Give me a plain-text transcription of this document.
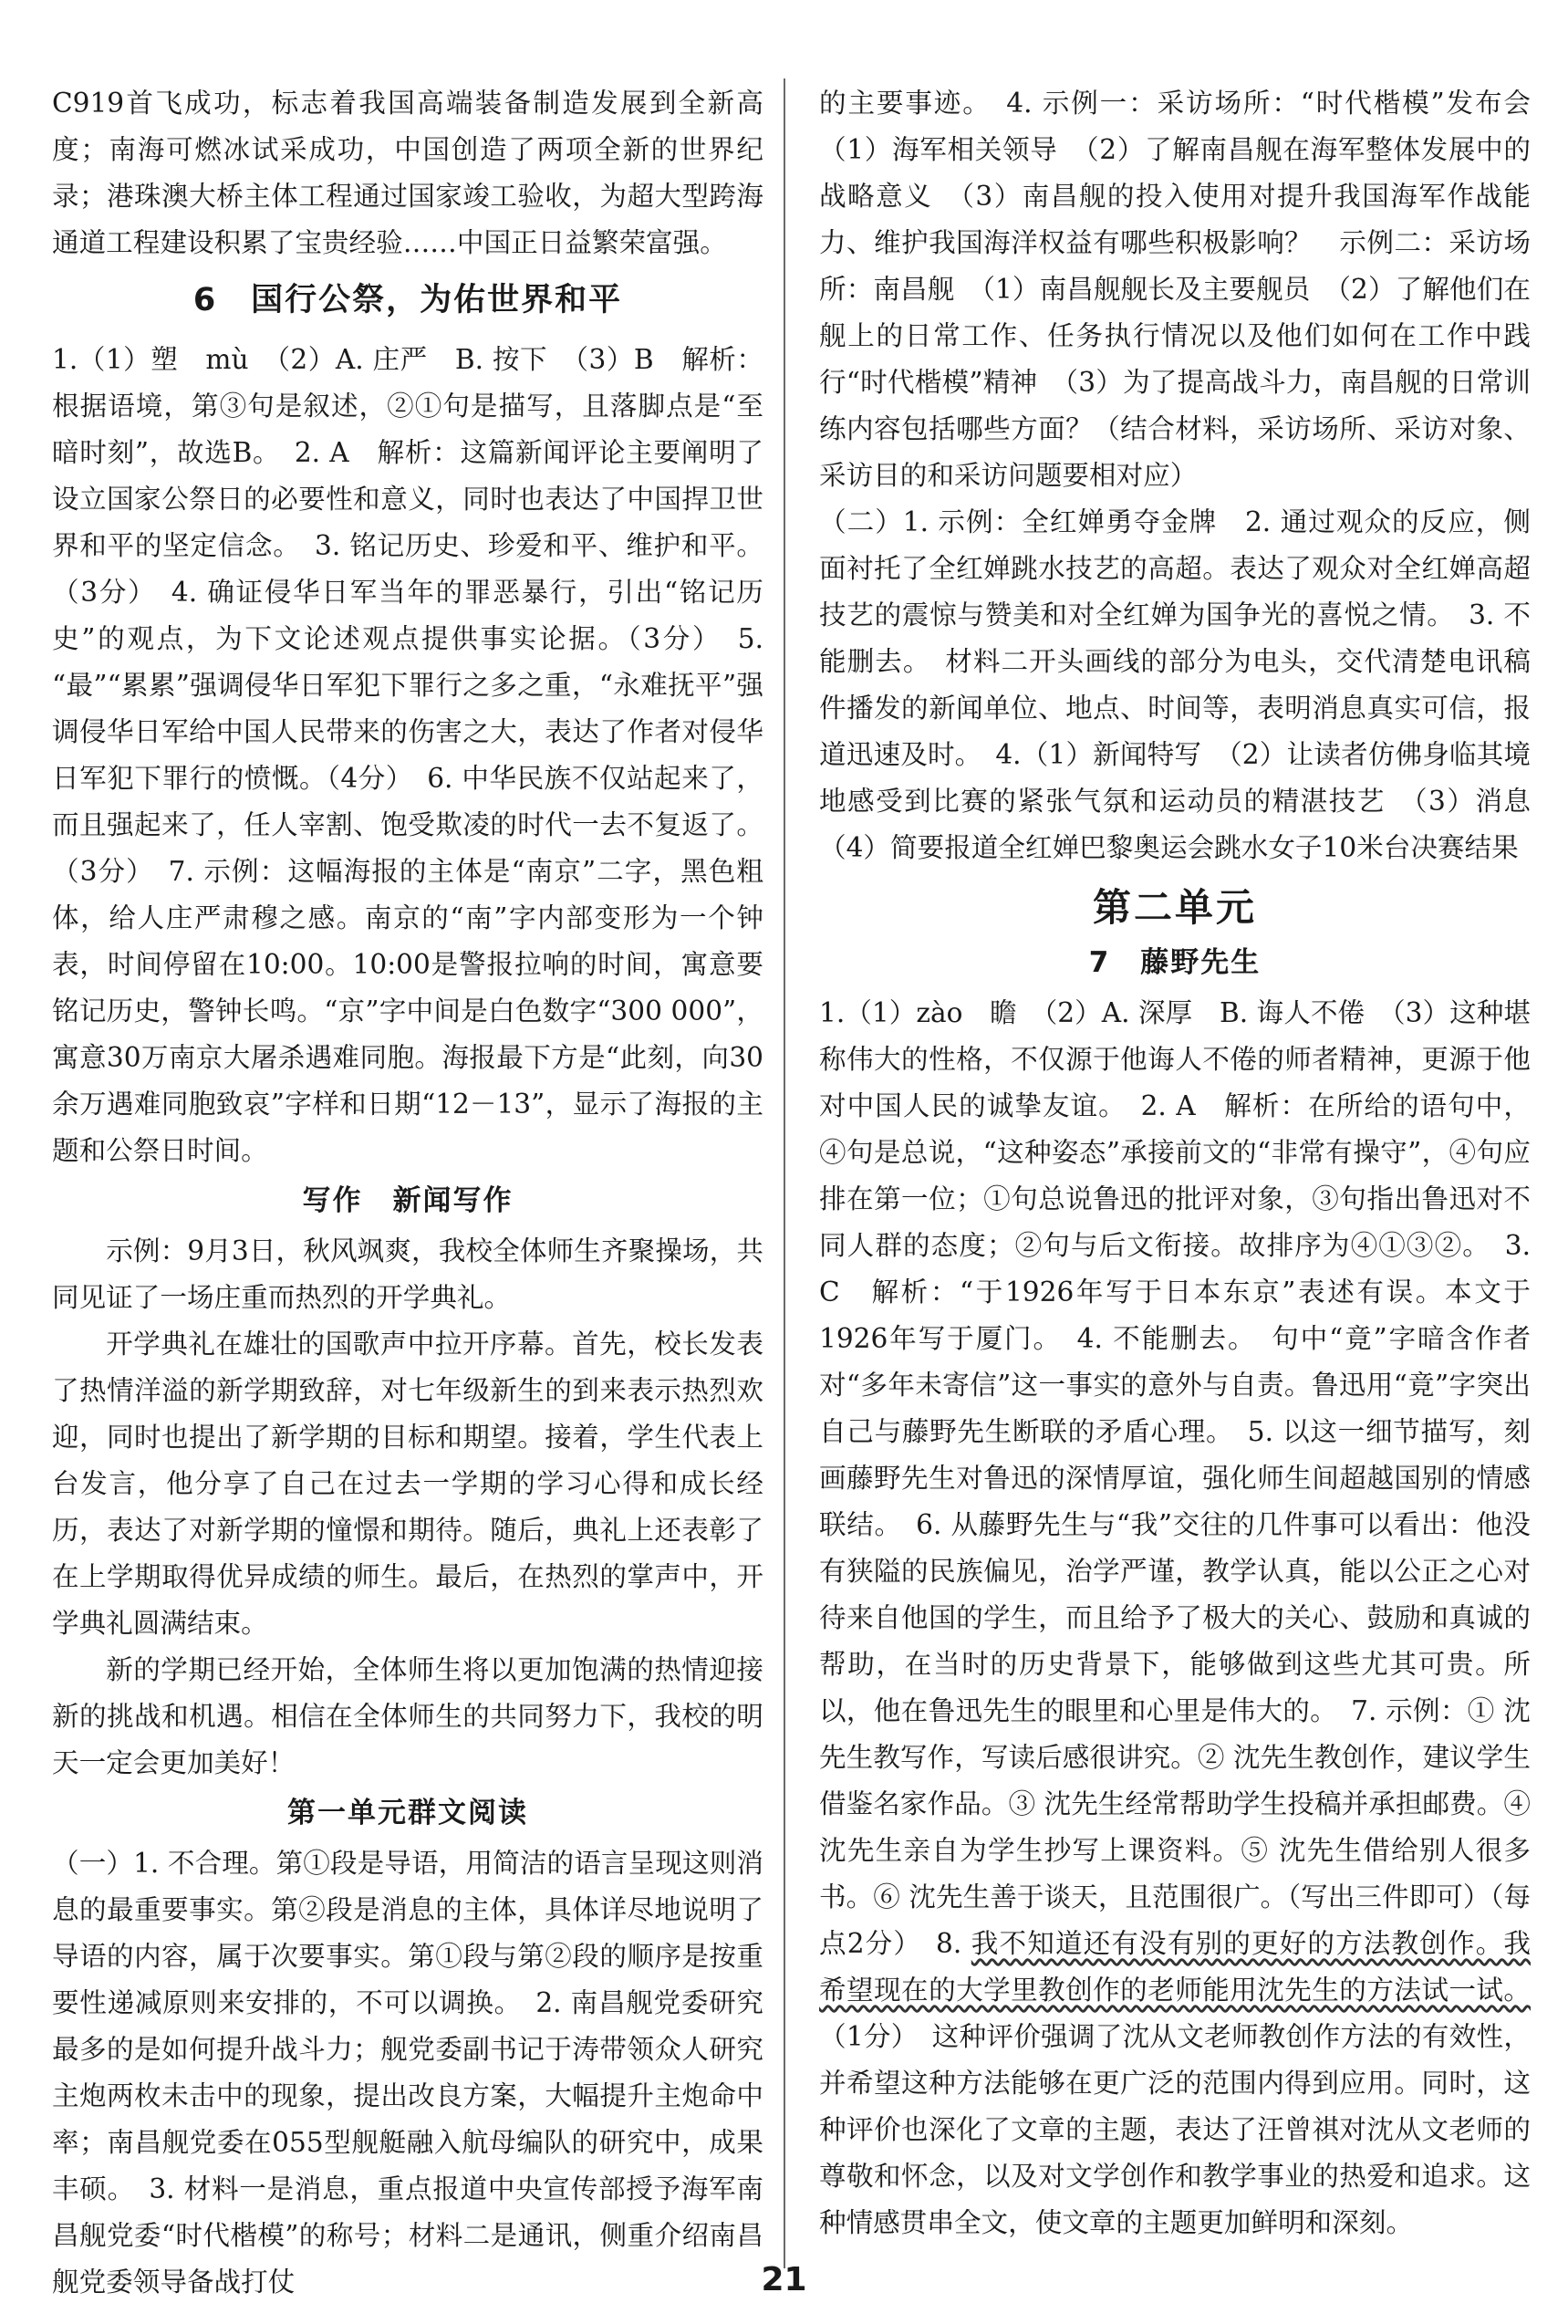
C919首飞成功，标志着我国高端装备制造发展到全新高度；南海可燃冰试采成功，中国创造了两项全新的世界纪录；港珠澳大桥主体工程通过国家竣工验收，为超大型跨海通道工程建设积累了宝贵经验……中国正日益繁荣富强。

6　国行公祭，为佑世界和平

1.（1）塑　mù　（2）A. 庄严　B. 按下　（3）B　解析：根据语境，第③句是叙述，②①句是描写，且落脚点是“至暗时刻”，故选B。　2. A　解析：这篇新闻评论主要阐明了设立国家公祭日的必要性和意义，同时也表达了中国捍卫世界和平的坚定信念。　3. 铭记历史、珍爱和平、维护和平。（3分）　4. 确证侵华日军当年的罪恶暴行，引出“铭记历史”的观点，为下文论述观点提供事实论据。（3分）　5. “最”“累累”强调侵华日军犯下罪行之多之重，“永难抚平”强调侵华日军给中国人民带来的伤害之大，表达了作者对侵华日军犯下罪行的愤慨。（4分）　6. 中华民族不仅站起来了，而且强起来了，任人宰割、饱受欺凌的时代一去不复返了。（3分）　7. 示例：这幅海报的主体是“南京”二字，黑色粗体，给人庄严肃穆之感。南京的“南”字内部变形为一个钟表，时间停留在10:00。10:00是警报拉响的时间，寓意要铭记历史，警钟长鸣。“京”字中间是白色数字“300 000”，寓意30万南京大屠杀遇难同胞。海报最下方是“此刻，向30余万遇难同胞致哀”字样和日期“12－13”，显示了海报的主题和公祭日时间。

写作　新闻写作

示例：9月3日，秋风飒爽，我校全体师生齐聚操场，共同见证了一场庄重而热烈的开学典礼。

开学典礼在雄壮的国歌声中拉开序幕。首先，校长发表了热情洋溢的新学期致辞，对七年级新生的到来表示热烈欢迎，同时也提出了新学期的目标和期望。接着，学生代表上台发言，他分享了自己在过去一学期的学习心得和成长经历，表达了对新学期的憧憬和期待。随后，典礼上还表彰了在上学期取得优异成绩的师生。最后，在热烈的掌声中，开学典礼圆满结束。

新的学期已经开始，全体师生将以更加饱满的热情迎接新的挑战和机遇。相信在全体师生的共同努力下，我校的明天一定会更加美好！

第一单元群文阅读

（一）1. 不合理。第①段是导语，用简洁的语言呈现这则消息的最重要事实。第②段是消息的主体，具体详尽地说明了导语的内容，属于次要事实。第①段与第②段的顺序是按重要性递减原则来安排的，不可以调换。　2. 南昌舰党委研究最多的是如何提升战斗力；舰党委副书记于涛带领众人研究主炮两枚未击中的现象，提出改良方案，大幅提升主炮命中率；南昌舰党委在055型舰艇融入航母编队的研究中，成果丰硕。　3. 材料一是消息，重点报道中央宣传部授予海军南昌舰党委“时代楷模”的称号；材料二是通讯，侧重介绍南昌舰党委领导备战打仗

的主要事迹。　4. 示例一：采访场所：“时代楷模”发布会　（1）海军相关领导　（2）了解南昌舰在海军整体发展中的战略意义　（3）南昌舰的投入使用对提升我国海军作战能力、维护我国海洋权益有哪些积极影响？　示例二：采访场所：南昌舰　（1）南昌舰舰长及主要舰员　（2）了解他们在舰上的日常工作、任务执行情况以及他们如何在工作中践行“时代楷模”精神　（3）为了提高战斗力，南昌舰的日常训练内容包括哪些方面？（结合材料，采访场所、采访对象、采访目的和采访问题要相对应）

（二）1. 示例：全红婵勇夺金牌　2. 通过观众的反应，侧面衬托了全红婵跳水技艺的高超。表达了观众对全红婵高超技艺的震惊与赞美和对全红婵为国争光的喜悦之情。　3. 不能删去。　材料二开头画线的部分为电头，交代清楚电讯稿件播发的新闻单位、地点、时间等，表明消息真实可信，报道迅速及时。　4.（1）新闻特写　（2）让读者仿佛身临其境地感受到比赛的紧张气氛和运动员的精湛技艺　（3）消息　（4）简要报道全红婵巴黎奥运会跳水女子10米台决赛结果

第二单元
7　藤野先生

1.（1）zào　瞻　（2）A. 深厚　B. 诲人不倦　（3）这种堪称伟大的性格，不仅源于他诲人不倦的师者精神，更源于他对中国人民的诚挚友谊。　2. A　解析：在所给的语句中，④句是总说，“这种姿态”承接前文的“非常有操守”，④句应排在第一位；①句总说鲁迅的批评对象，③句指出鲁迅对不同人群的态度；②句与后文衔接。故排序为④①③②。　3. C　解析：“于1926年写于日本东京”表述有误。本文于1926年写于厦门。　4. 不能删去。　句中“竟”字暗含作者对“多年未寄信”这一事实的意外与自责。鲁迅用“竟”字突出自己与藤野先生断联的矛盾心理。　5. 以这一细节描写，刻画藤野先生对鲁迅的深情厚谊，强化师生间超越国别的情感联结。　6. 从藤野先生与“我”交往的几件事可以看出：他没有狭隘的民族偏见，治学严谨，教学认真，能以公正之心对待来自他国的学生，而且给予了极大的关心、鼓励和真诚的帮助，在当时的历史背景下，能够做到这些尤其可贵。所以，他在鲁迅先生的眼里和心里是伟大的。　7. 示例：① 沈先生教写作，写读后感很讲究。② 沈先生教创作，建议学生借鉴名家作品。③ 沈先生经常帮助学生投稿并承担邮费。④ 沈先生亲自为学生抄写上课资料。⑤ 沈先生借给别人很多书。⑥ 沈先生善于谈天，且范围很广。（写出三件即可）（每点2分）　8. 我不知道还有没有别的更好的方法教创作。我希望现在的大学里教创作的老师能用沈先生的方法试一试。（1分）　这种评价强调了沈从文老师教创作方法的有效性，并希望这种方法能够在更广泛的范围内得到应用。同时，这种评价也深化了文章的主题，表达了汪曾祺对沈从文老师的尊敬和怀念，以及对文学创作和教学事业的热爱和追求。这种情感贯串全文，使文章的主题更加鲜明和深刻。

21
